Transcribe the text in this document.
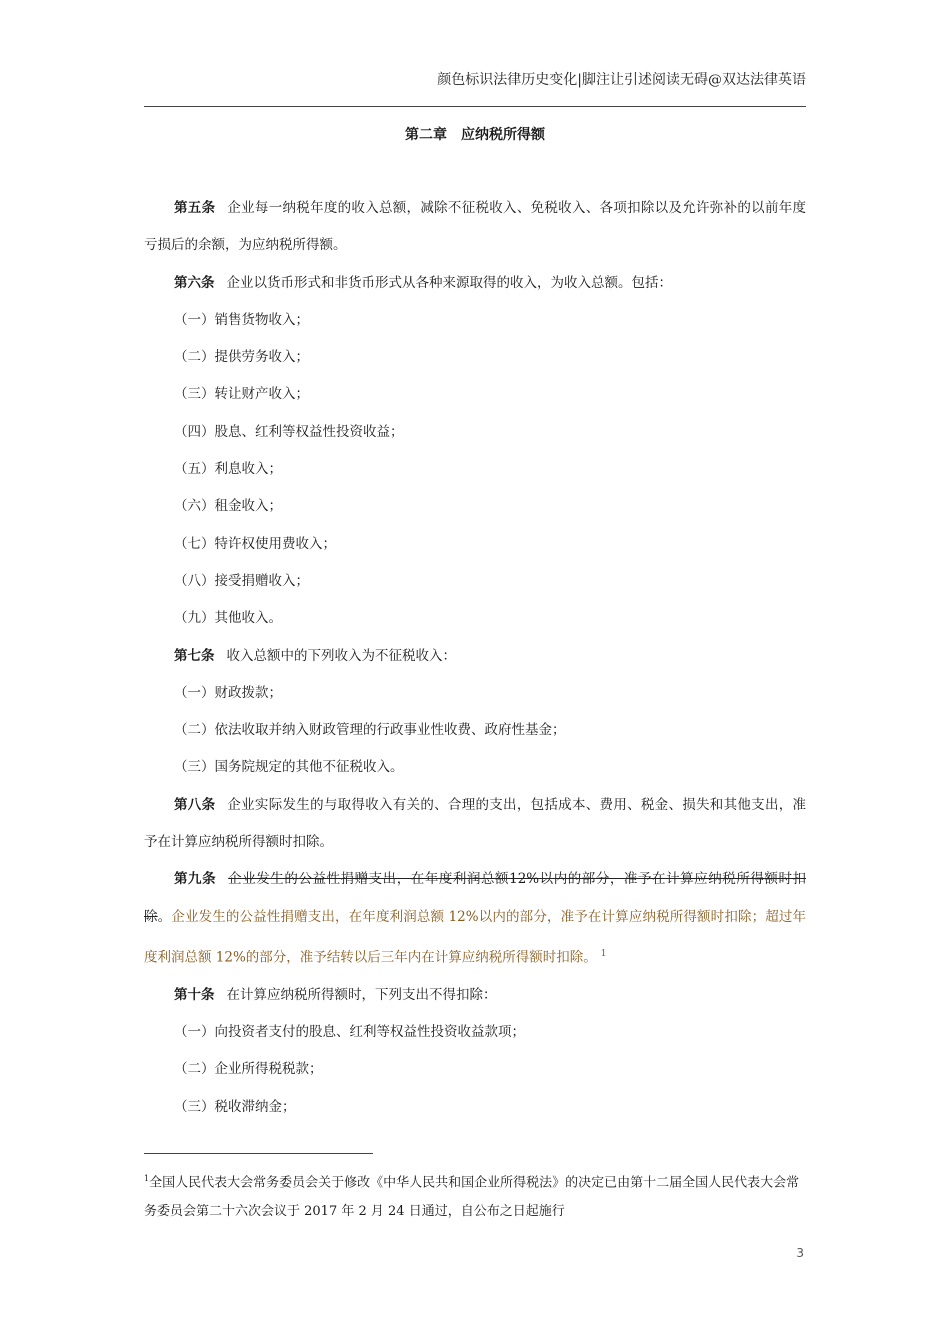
颜色标识法律历史变化|脚注让引述阅读无碍@双达法律英语
第二章　应纳税所得额

第五条 企业每一纳税年度的收入总额，减除不征税收入、免税收入、各项扣除以及允许弥补的以前年度亏损后的余额，为应纳税所得额。

第六条 企业以货币形式和非货币形式从各种来源取得的收入，为收入总额。包括：

（一）销售货物收入；

（二）提供劳务收入；

（三）转让财产收入；

（四）股息、红利等权益性投资收益；

（五）利息收入；

（六）租金收入；

（七）特许权使用费收入；

（八）接受捐赠收入；

（九）其他收入。

第七条 收入总额中的下列收入为不征税收入：

（一）财政拨款；

（二）依法收取并纳入财政管理的行政事业性收费、政府性基金；

（三）国务院规定的其他不征税收入。

第八条 企业实际发生的与取得收入有关的、合理的支出，包括成本、费用、税金、损失和其他支出，准予在计算应纳税所得额时扣除。

第九条 企业发生的公益性捐赠支出，在年度利润总额12%以内的部分，准予在计算应纳税所得额时扣除。企业发生的公益性捐赠支出，在年度利润总额 12%以内的部分，准予在计算应纳税所得额时扣除；超过年度利润总额 12%的部分，准予结转以后三年内在计算应纳税所得额时扣除。 $^1$

第十条 在计算应纳税所得额时，下列支出不得扣除：

（一）向投资者支付的股息、红利等权益性投资收益款项；

（二）企业所得税税款；

（三）税收滞纳金；

$^1$全国人民代表大会常务委员会关于修改《中华人民共和国企业所得税法》的决定已由第十二届全国人民代表大会常务委员会第二十六次会议于 2017 年 2 月 24 日通过，自公布之日起施行
3
